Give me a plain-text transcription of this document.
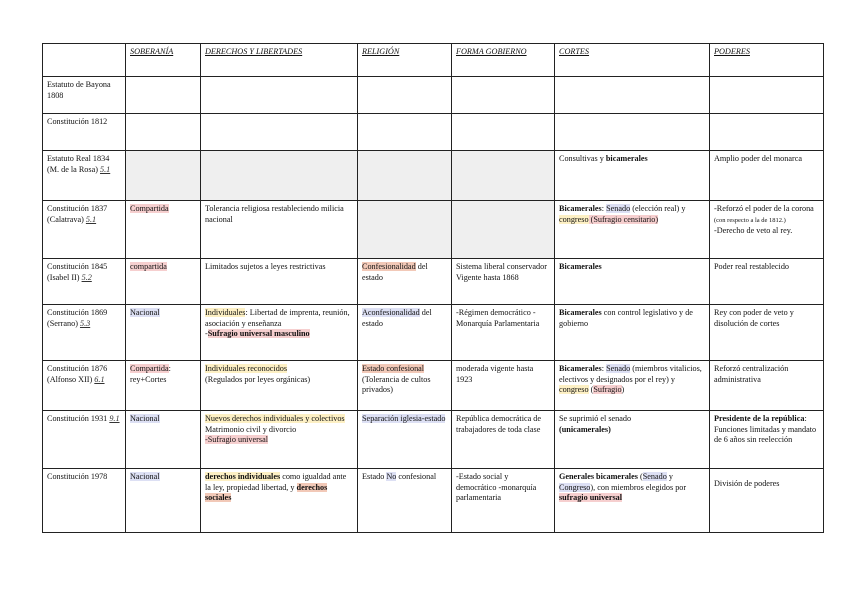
	SOBERANÍA	DERECHOS Y LIBERTADES	RELIGIÓN	FORMA GOBIERNO	CORTES	PODERES
Estatuto de Bayona 1808						
Constitución 1812						
Estatuto Real 1834 (M. de la Rosa) 5.1					Consultivas y bicamerales	Amplio poder del monarca
Constitución 1837 (Calatrava) 5.1	Compartida	Tolerancia religiosa restableciendo milicia nacional			Bicamerales: Senado (elección real) y congreso (Sufragio censitario)	-Reforzó el poder de la corona (con respecto a la de 1812.)
-Derecho de veto al rey.
Constitución 1845 (Isabel II) 5.2	compartida	Limitados sujetos a leyes restrictivas	Confesionalidad del estado	Sistema liberal conservador Vigente hasta 1868	Bicamerales	Poder real restablecido
Constitución 1869 (Serrano) 5.3	Nacional	Individuales: Libertad de imprenta, reunión, asociación y enseñanza
-Sufragio universal masculino	Aconfesionalidad del estado	-Régimen democrático -Monarquía Parlamentaria	Bicamerales con control legislativo y de gobierno	Rey con poder de veto y disolución de cortes
Constitución 1876 (Alfonso XII) 6.1	Compartida: rey+Cortes	Individuales reconocidos
(Regulados por leyes orgánicas)	Estado confesional
(Tolerancia de cultos privados)	moderada vigente hasta 1923	Bicamerales: Senado (miembros vitalicios, electivos y designados por el rey) y congreso (Sufragio)	Reforzó centralización administrativa
Constitución 1931 9.1	Nacional	Nuevos derechos individuales y colectivos
Matrimonio civil y divorcio
-Sufragio universal	Separación iglesia-estado	República democrática de trabajadores de toda clase	Se suprimió el senado
(unicamerales)	Presidente de la república: Funciones limitadas y mandato de 6 años sin reelección
Constitución 1978	Nacional	derechos individuales como igualdad ante la ley, propiedad libertad, y derechos sociales	Estado No confesional	-Estado social y democrático -monarquía parlamentaria	Generales bicamerales (Senado y Congreso), con miembros elegidos por sufragio universal	División de poderes
